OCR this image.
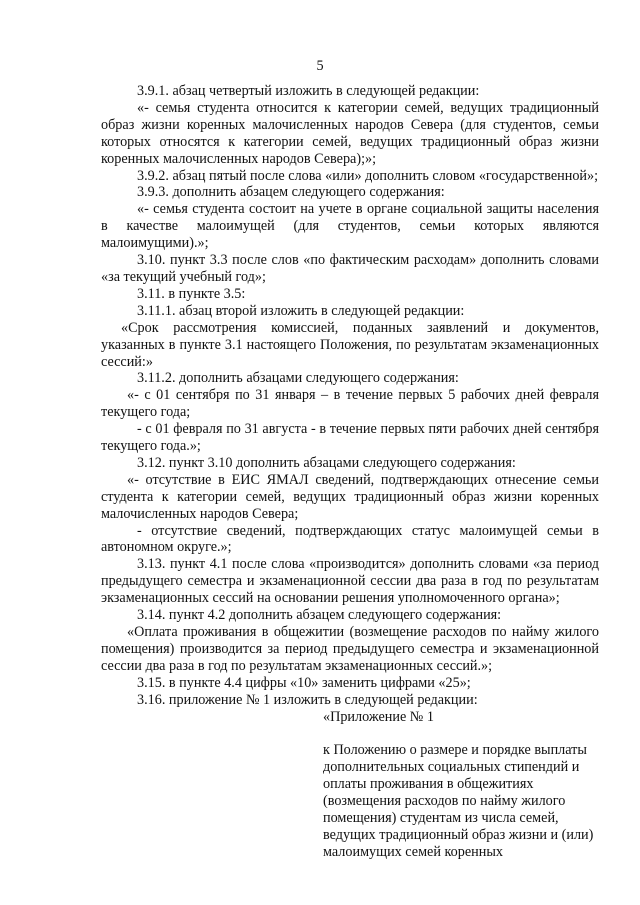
5

3.9.1. абзац четвертый изложить в следующей редакции:

«- семья студента относится к категории семей, ведущих традиционный образ жизни коренных малочисленных народов Севера (для студентов, семьи которых относятся к категории семей, ведущих традиционный образ жизни коренных малочисленных народов Севера);»;

3.9.2. абзац пятый после слова «или» дополнить словом «государственной»;

3.9.3. дополнить абзацем следующего содержания:

«- семья студента состоит на учете в органе социальной защиты населения в качестве малоимущей (для студентов, семьи которых являются малоимущими).»;

3.10. пункт 3.3 после слов «по фактическим расходам» дополнить словами «за текущий учебный год»;

3.11. в пункте 3.5:

3.11.1. абзац второй изложить в следующей редакции:

«Срок рассмотрения комиссией, поданных заявлений и документов, указанных в пункте 3.1 настоящего Положения, по результатам экзаменационных сессий:»

3.11.2. дополнить абзацами следующего содержания:

«- с 01 сентября по 31 января – в течение первых 5 рабочих дней февраля текущего года;

- с 01 февраля по 31 августа - в течение первых пяти рабочих дней сентября текущего года.»;

3.12. пункт 3.10 дополнить абзацами следующего содержания:

«- отсутствие в ЕИС ЯМАЛ сведений, подтверждающих отнесение семьи студента к категории семей, ведущих традиционный образ жизни коренных малочисленных народов Севера;

- отсутствие сведений, подтверждающих статус малоимущей семьи в автономном округе.»;

3.13. пункт 4.1 после слова «производится» дополнить словами «за период предыдущего семестра и экзаменационной сессии два раза в год по результатам экзаменационных сессий на основании решения уполномоченного органа»;

3.14. пункт 4.2 дополнить абзацем следующего содержания:

«Оплата проживания в общежитии (возмещение расходов по найму жилого помещения) производится за период предыдущего семестра и экзаменационной сессии два раза в год по результатам экзаменационных сессий.»;

3.15. в пункте 4.4 цифры «10» заменить цифрами «25»;

3.16. приложение № 1 изложить в следующей редакции:

«Приложение № 1

к Положению о размере и порядке выплаты

дополнительных социальных стипендий и

оплаты проживания в общежитиях

(возмещения расходов по найму жилого

помещения) студентам из числа семей,

ведущих традиционный образ жизни и (или)

малоимущих семей коренных
